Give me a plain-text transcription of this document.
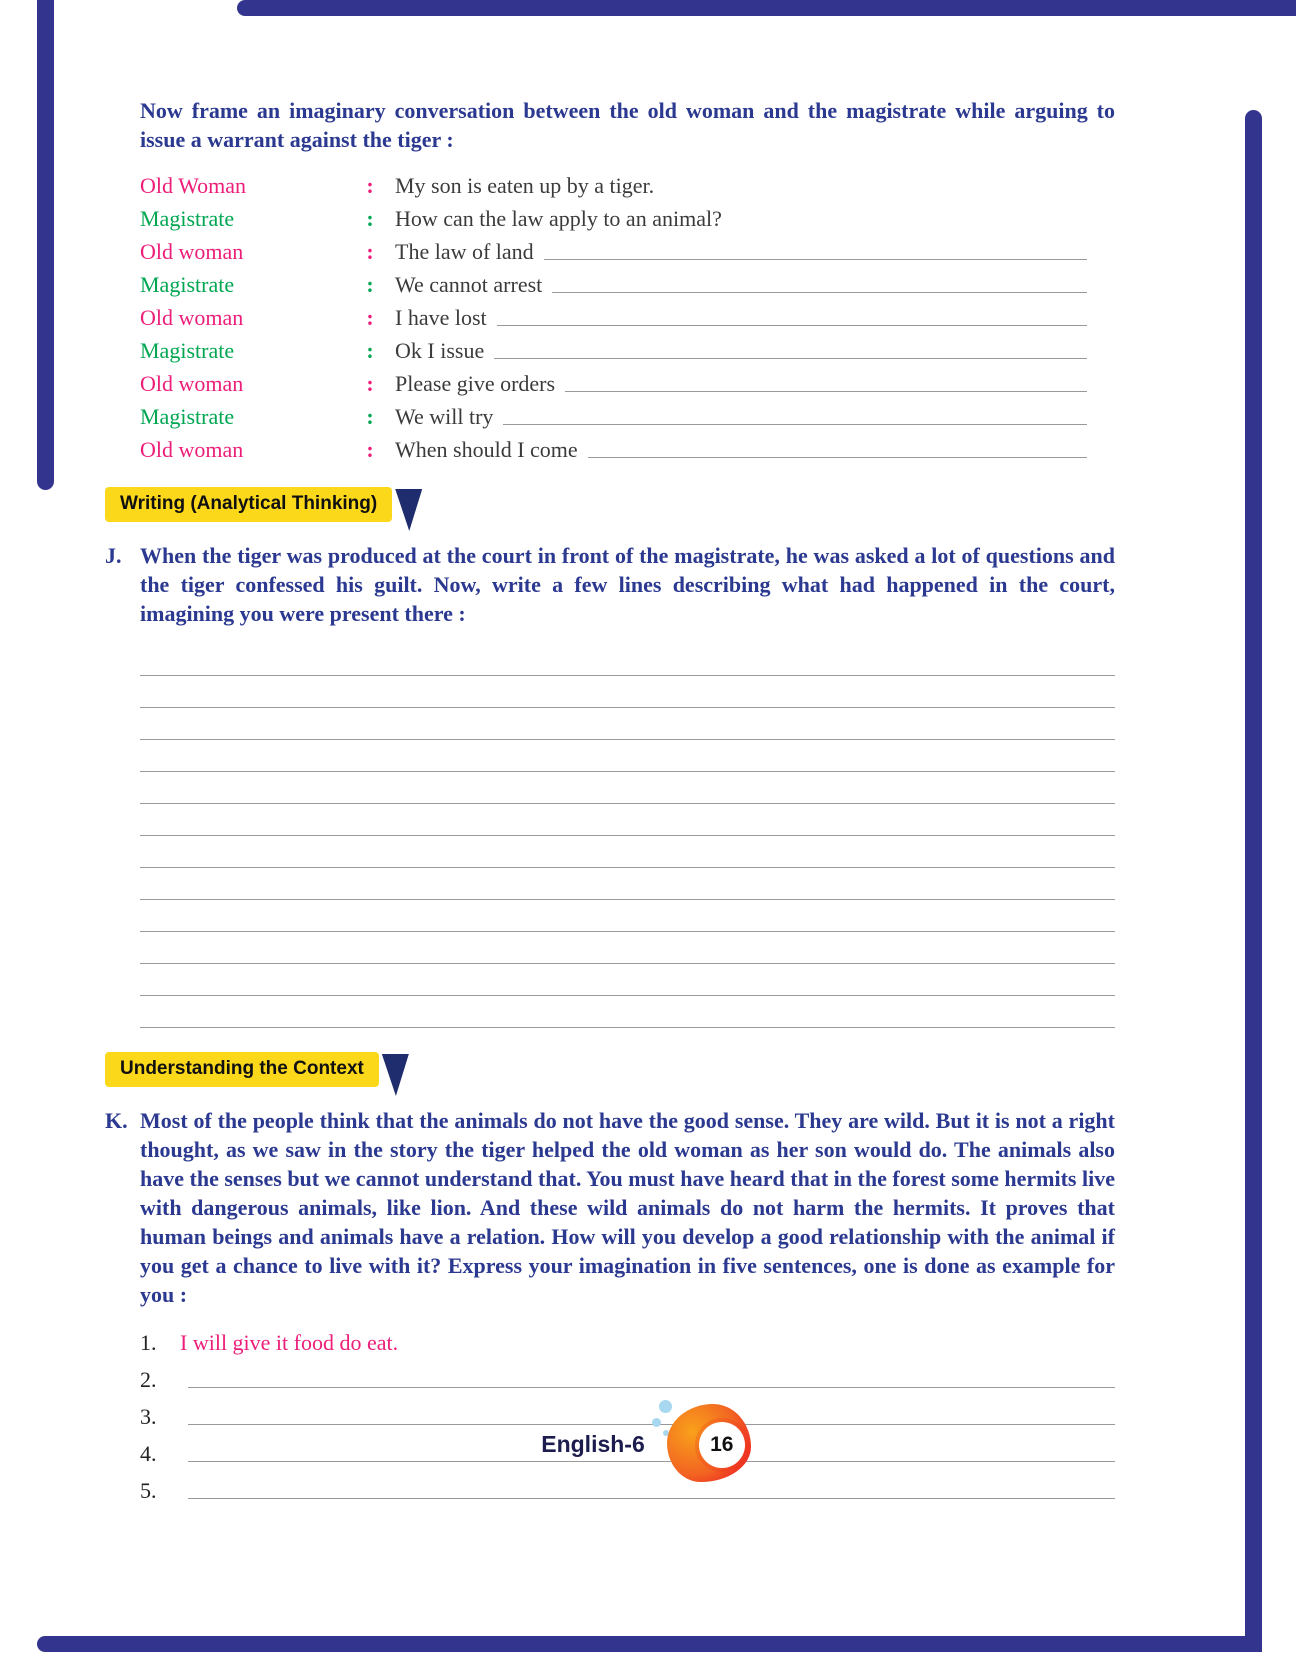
Now frame an imaginary conversation between the old woman and the magistrate while arguing to issue a warrant against the tiger :

Old Woman	: My son is eaten up by a tiger.
Magistrate	: How can the law apply to an animal?
Old woman	: The law of land
Magistrate	: We cannot arrest
Old woman	: I have lost
Magistrate	: Ok I issue
Old woman	: Please give orders
Magistrate	: We will try
Old woman	: When should I come
Writing (Analytical Thinking)
J. When the tiger was produced at the court in front of the magistrate, he was asked a lot of questions and the tiger confessed his guilt. Now, write a few lines describing what had happened in the court, imagining you were present there :

Understanding the Context
K. Most of the people think that the animals do not have the good sense. They are wild. But it is not a right thought, as we saw in the story the tiger helped the old woman as her son would do. The animals also have the senses but we cannot understand that. You must have heard that in the forest some hermits live with dangerous animals, like lion. And these wild animals do not harm the hermits. It proves that human beings and animals have a relation. How will you develop a good relationship with the animal if you get a chance to live with it? Express your imagination in five sentences, one is done as example for you :

1.	I will give it food do eat.
2.
3.
4.
5.
English-6	16
